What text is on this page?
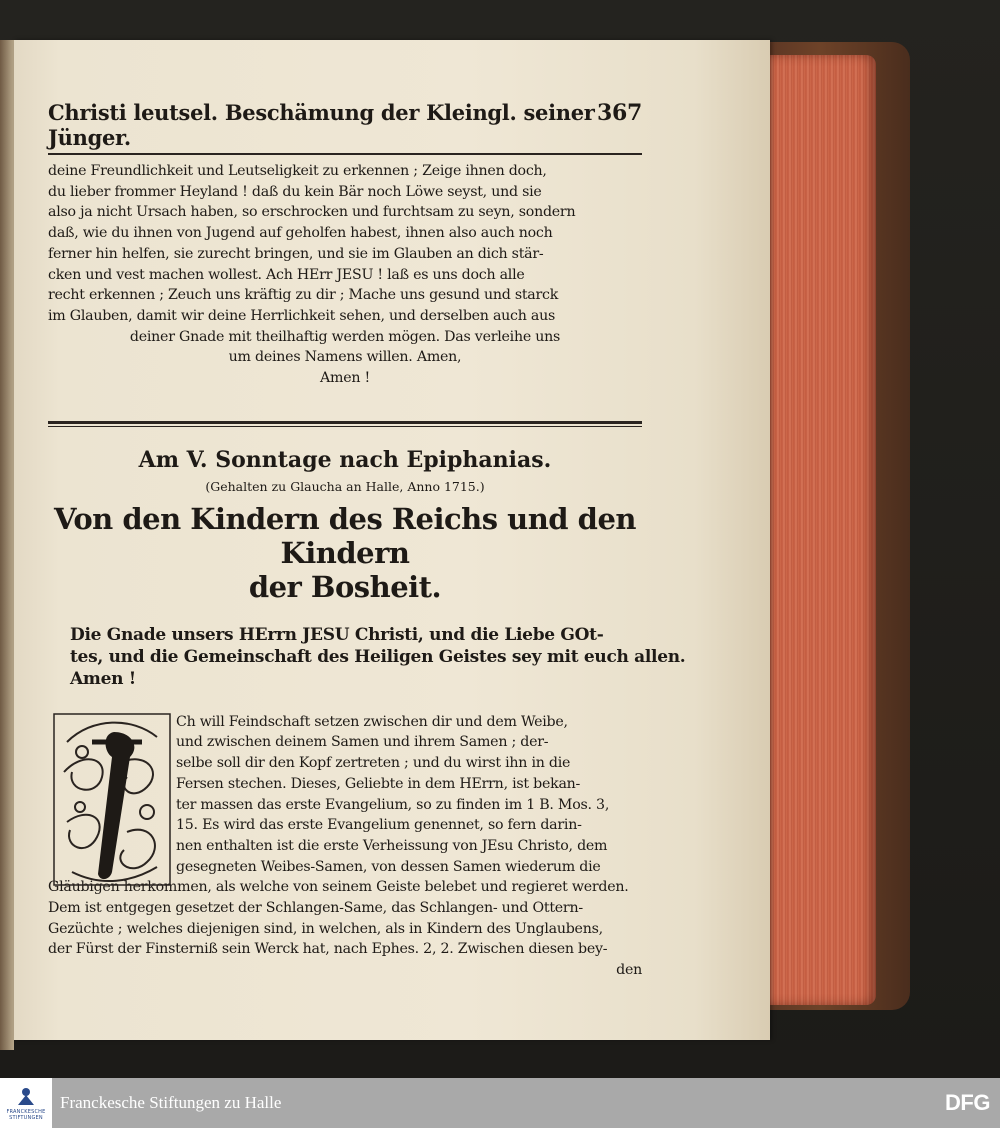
Christi leutsel. Beschämung der Kleingl. seiner Jünger.
367
deine Freundlichkeit und Leutseligkeit zu erkennen ; Zeige ihnen doch,
du lieber frommer Heyland ! daß du kein Bär noch Löwe seyst, und sie
also ja nicht Ursach haben, so erschrocken und furchtsam zu seyn, sondern
daß, wie du ihnen von Jugend auf geholfen habest, ihnen also auch noch
ferner hin helfen, sie zurecht bringen, und sie im Glauben an dich stär-
cken und vest machen wollest. Ach HErr JESU ! laß es uns doch alle
recht erkennen ; Zeuch uns kräftig zu dir ; Mache uns gesund und starck
im Glauben, damit wir deine Herrlichkeit sehen, und derselben auch aus
deiner Gnade mit theilhaftig werden mögen. Das verleihe uns
um deines Namens willen. Amen,
Amen !
Am V. Sonntage nach Epiphanias.
(Gehalten zu Glaucha an Halle, Anno 1715.)
Von den Kindern des Reichs und den Kindern
der Bosheit.
Die Gnade unsers HErrn JESU Christi, und die Liebe GOt-
tes, und die Gemeinschaft des Heiligen Geistes sey mit euch allen.
Amen !
Ch will Feindschaft setzen zwischen dir und dem Weibe,
und zwischen deinem Samen und ihrem Samen ; der-
selbe soll dir den Kopf zertreten ; und du wirst ihn in die
Fersen stechen. Dieses, Geliebte in dem HErrn, ist bekan-
ter massen das erste Evangelium, so zu finden im 1 B. Mos. 3,
15. Es wird das erste Evangelium genennet, so fern darin-
nen enthalten ist die erste Verheissung von JEsu Christo, dem
gesegneten Weibes-Samen, von dessen Samen wiederum die
Gläubigen herkommen, als welche von seinem Geiste belebet und regieret werden.
Dem ist entgegen gesetzet der Schlangen-Same, das Schlangen- und Ottern-
Gezüchte ; welches diejenigen sind, in welchen, als in Kindern des Unglaubens,
der Fürst der Finsterniß sein Werck hat, nach Ephes. 2, 2. Zwischen diesen bey-
den
FRANCKESCHE STIFTUNGEN
Franckesche Stiftungen zu Halle	DFG
